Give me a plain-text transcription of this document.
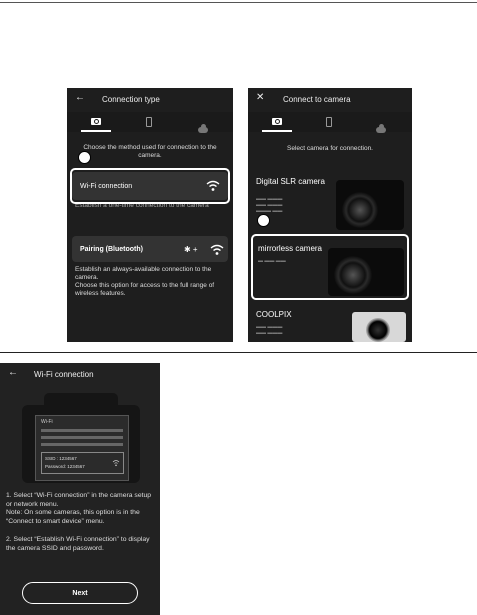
← Connection type
Choose the method used for connection to the camera.
Wi-Fi connection
Establish a one-time connection to the camera
Pairing (Bluetooth)	✱ +
Establish an always-available connection to the camera.
Choose this option for access to the full range of wireless features.
✕ Connect to camera
Select camera for connection.
Digital SLR camera
▬▬ ▬▬▬
▬▬ ▬▬▬
▬▬▬ ▬▬
mirrorless camera
▬ ▬▬ ▬▬
COOLPIX
▬▬ ▬▬▬
▬▬ ▬▬▬
← Wi-Fi connection
Wi-Fi
SSID : 1234567
Password: 1234567
1. Select “Wi-Fi connection” in the camera setup or network menu.
Note: On some cameras, this option is in the “Connect to smart device” menu.
2. Select “Establish Wi-Fi connection” to display the camera SSID and password.
Next
